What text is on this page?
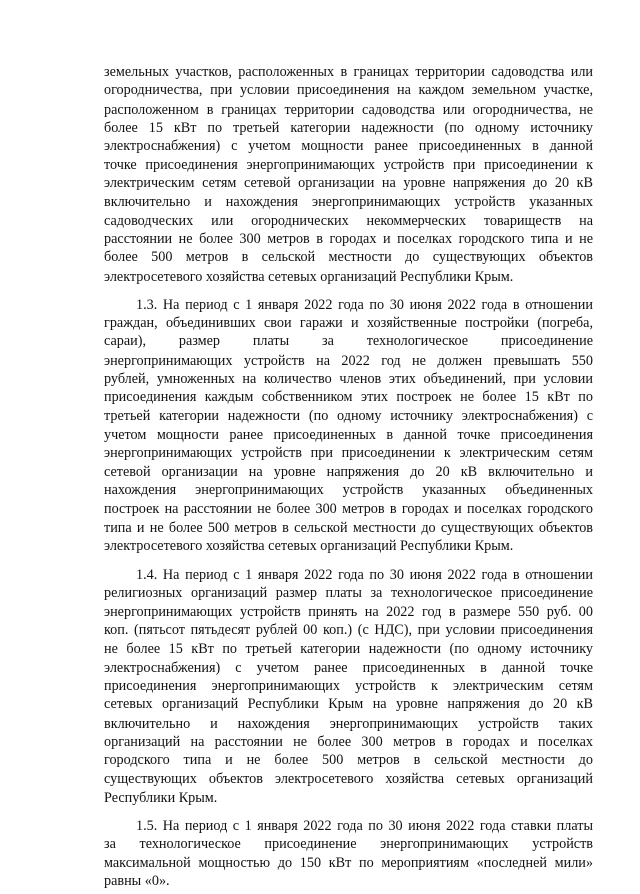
земельных участков, расположенных в границах территории садоводства или
огородничества, при условии присоединения на каждом земельном участке,
расположенном в границах территории садоводства или огородничества, не
более 15 кВт по третьей категории надежности (по одному источнику
электроснабжения) с учетом мощности ранее присоединенных в данной
точке присоединения энергопринимающих устройств при присоединении к
электрическим сетям сетевой организации на уровне напряжения до 20 кВ
включительно и нахождения энергопринимающих устройств указанных
садоводческих или огороднических некоммерческих товариществ на
расстоянии не более 300 метров в городах и поселках городского типа и не
более 500 метров в сельской местности до существующих объектов
электросетевого хозяйства сетевых организаций Республики Крым.
1.3. На период с 1 января 2022 года по 30 июня 2022 года в отношении
граждан, объединивших свои гаражи и хозяйственные постройки (погреба,
сараи), размер платы за технологическое присоединение
энергопринимающих устройств на 2022 год не должен превышать 550
рублей, умноженных на количество членов этих объединений, при условии
присоединения каждым собственником этих построек не более 15 кВт по
третьей категории надежности (по одному источнику электроснабжения) с
учетом мощности ранее присоединенных в данной точке присоединения
энергопринимающих устройств при присоединении к электрическим сетям
сетевой организации на уровне напряжения до 20 кВ включительно и
нахождения энергопринимающих устройств указанных объединенных
построек на расстоянии не более 300 метров в городах и поселках городского
типа и не более 500 метров в сельской местности до существующих объектов
электросетевого хозяйства сетевых организаций Республики Крым.
1.4. На период с 1 января 2022 года по 30 июня 2022 года в отношении
религиозных организаций размер платы за технологическое присоединение
энергопринимающих устройств принять на 2022 год в размере 550 руб. 00
коп. (пятьсот пятьдесят рублей 00 коп.) (с НДС), при условии присоединения
не более 15 кВт по третьей категории надежности (по одному источнику
электроснабжения) с учетом ранее присоединенных в данной точке
присоединения энергопринимающих устройств к электрическим сетям
сетевых организаций Республики Крым на уровне напряжения до 20 кВ
включительно и нахождения энергопринимающих устройств таких
организаций на расстоянии не более 300 метров в городах и поселках
городского типа и не более 500 метров в сельской местности до
существующих объектов электросетевого хозяйства сетевых организаций
Республики Крым.
1.5. На период с 1 января 2022 года по 30 июня 2022 года ставки платы
за технологическое присоединение энергопринимающих устройств
максимальной мощностью до 150 кВт по мероприятиям «последней мили»
равны «0».
